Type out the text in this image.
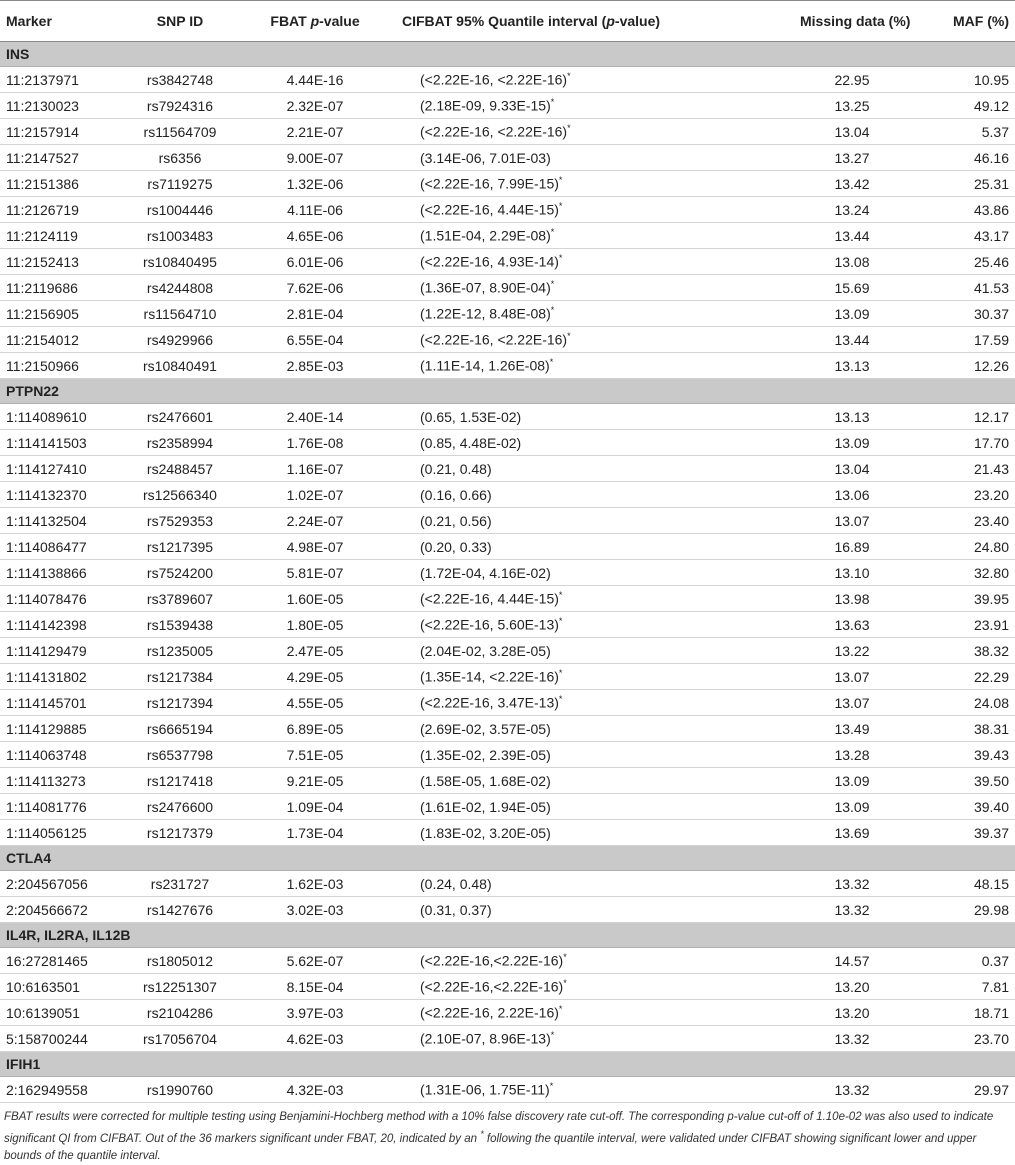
Marker	SNP ID	FBAT p-value	CIFBAT 95% Quantile interval (p-value)	Missing data (%)	MAF (%)
INS					
11:2137971	rs3842748	4.44E-16	(<2.22E-16, <2.22E-16)*	22.95	10.95
11:2130023	rs7924316	2.32E-07	(2.18E-09, 9.33E-15)*	13.25	49.12
11:2157914	rs11564709	2.21E-07	(<2.22E-16, <2.22E-16)*	13.04	5.37
11:2147527	rs6356	9.00E-07	(3.14E-06, 7.01E-03)	13.27	46.16
11:2151386	rs7119275	1.32E-06	(<2.22E-16, 7.99E-15)*	13.42	25.31
11:2126719	rs1004446	4.11E-06	(<2.22E-16, 4.44E-15)*	13.24	43.86
11:2124119	rs1003483	4.65E-06	(1.51E-04, 2.29E-08)*	13.44	43.17
11:2152413	rs10840495	6.01E-06	(<2.22E-16, 4.93E-14)*	13.08	25.46
11:2119686	rs4244808	7.62E-06	(1.36E-07, 8.90E-04)*	15.69	41.53
11:2156905	rs11564710	2.81E-04	(1.22E-12, 8.48E-08)*	13.09	30.37
11:2154012	rs4929966	6.55E-04	(<2.22E-16, <2.22E-16)*	13.44	17.59
11:2150966	rs10840491	2.85E-03	(1.11E-14, 1.26E-08)*	13.13	12.26
PTPN22					
1:114089610	rs2476601	2.40E-14	(0.65, 1.53E-02)	13.13	12.17
1:114141503	rs2358994	1.76E-08	(0.85, 4.48E-02)	13.09	17.70
1:114127410	rs2488457	1.16E-07	(0.21, 0.48)	13.04	21.43
1:114132370	rs12566340	1.02E-07	(0.16, 0.66)	13.06	23.20
1:114132504	rs7529353	2.24E-07	(0.21, 0.56)	13.07	23.40
1:114086477	rs1217395	4.98E-07	(0.20, 0.33)	16.89	24.80
1:114138866	rs7524200	5.81E-07	(1.72E-04, 4.16E-02)	13.10	32.80
1:114078476	rs3789607	1.60E-05	(<2.22E-16, 4.44E-15)*	13.98	39.95
1:114142398	rs1539438	1.80E-05	(<2.22E-16, 5.60E-13)*	13.63	23.91
1:114129479	rs1235005	2.47E-05	(2.04E-02, 3.28E-05)	13.22	38.32
1:114131802	rs1217384	4.29E-05	(1.35E-14, <2.22E-16)*	13.07	22.29
1:114145701	rs1217394	4.55E-05	(<2.22E-16, 3.47E-13)*	13.07	24.08
1:114129885	rs6665194	6.89E-05	(2.69E-02, 3.57E-05)	13.49	38.31
1:114063748	rs6537798	7.51E-05	(1.35E-02, 2.39E-05)	13.28	39.43
1:114113273	rs1217418	9.21E-05	(1.58E-05, 1.68E-02)	13.09	39.50
1:114081776	rs2476600	1.09E-04	(1.61E-02, 1.94E-05)	13.09	39.40
1:114056125	rs1217379	1.73E-04	(1.83E-02, 3.20E-05)	13.69	39.37
CTLA4					
2:204567056	rs231727	1.62E-03	(0.24, 0.48)	13.32	48.15
2:204566672	rs1427676	3.02E-03	(0.31, 0.37)	13.32	29.98
IL4R, IL2RA, IL12B					
16:27281465	rs1805012	5.62E-07	(<2.22E-16,<2.22E-16)*	14.57	0.37
10:6163501	rs12251307	8.15E-04	(<2.22E-16,<2.22E-16)*	13.20	7.81
10:6139051	rs2104286	3.97E-03	(<2.22E-16, 2.22E-16)*	13.20	18.71
5:158700244	rs17056704	4.62E-03	(2.10E-07, 8.96E-13)*	13.32	23.70
IFIH1					
2:162949558	rs1990760	4.32E-03	(1.31E-06, 1.75E-11)*	13.32	29.97
FBAT results were corrected for multiple testing using Benjamini-Hochberg method with a 10% false discovery rate cut-off. The corresponding p-value cut-off of 1.10e-02 was also used to indicate significant QI from CIFBAT. Out of the 36 markers significant under FBAT, 20, indicated by an * following the quantile interval, were validated under CIFBAT showing significant lower and upper bounds of the quantile interval.
